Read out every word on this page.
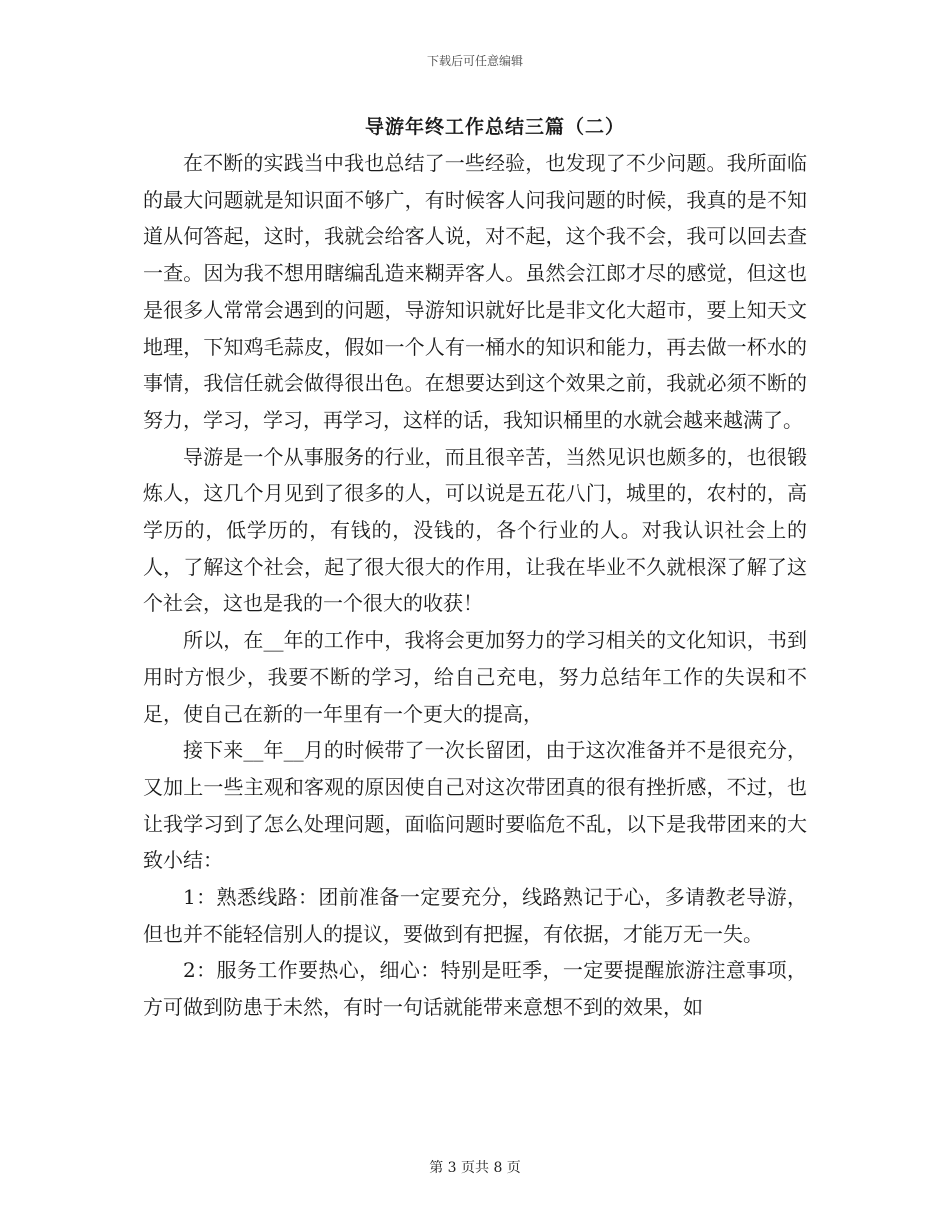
下载后可任意编辑
导游年终工作总结三篇（二）

在不断的实践当中我也总结了一些经验，也发现了不少问题。我所面临的最大问题就是知识面不够广，有时候客人问我问题的时候，我真的是不知道从何答起，这时，我就会给客人说，对不起，这个我不会，我可以回去查一查。因为我不想用瞎编乱造来糊弄客人。虽然会江郎才尽的感觉，但这也是很多人常常会遇到的问题，导游知识就好比是非文化大超市，要上知天文地理，下知鸡毛蒜皮，假如一个人有一桶水的知识和能力，再去做一杯水的事情，我信任就会做得很出色。在想要达到这个效果之前，我就必须不断的努力，学习，学习，再学习，这样的话，我知识桶里的水就会越来越满了。

导游是一个从事服务的行业，而且很辛苦，当然见识也颇多的，也很锻炼人，这几个月见到了很多的人，可以说是五花八门，城里的，农村的，高学历的，低学历的，有钱的，没钱的，各个行业的人。对我认识社会上的人，了解这个社会，起了很大很大的作用，让我在毕业不久就根深了解了这个社会，这也是我的一个很大的收获！

所以，在__年的工作中，我将会更加努力的学习相关的文化知识，书到用时方恨少，我要不断的学习，给自己充电，努力总结年工作的失误和不足，使自己在新的一年里有一个更大的提高，

接下来__年__月的时候带了一次长留团，由于这次准备并不是很充分，又加上一些主观和客观的原因使自己对这次带团真的很有挫折感，不过，也让我学习到了怎么处理问题，面临问题时要临危不乱，以下是我带团来的大致小结：

1：熟悉线路：团前准备一定要充分，线路熟记于心，多请教老导游，但也并不能轻信别人的提议，要做到有把握，有依据，才能万无一失。

2：服务工作要热心，细心：特别是旺季，一定要提醒旅游注意事项，方可做到防患于未然，有时一句话就能带来意想不到的效果，如

第 3 页共 8 页
